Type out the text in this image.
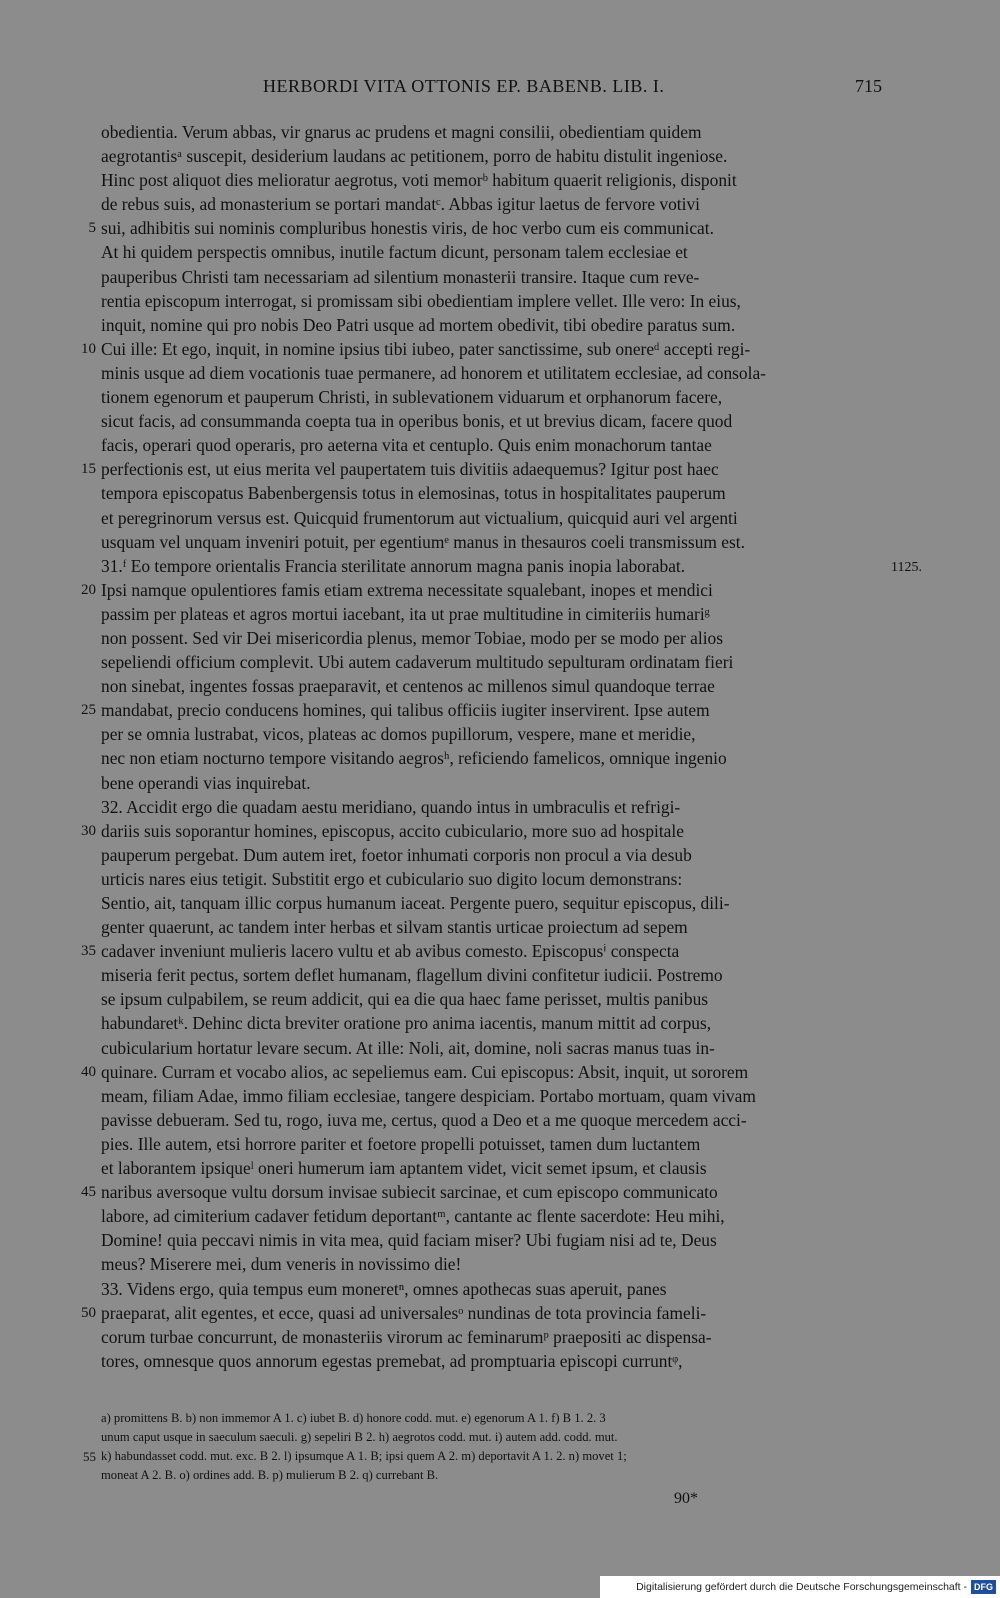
HERBORDI VITA OTTONIS EP. BABENB. LIB. I.	715
obedientia. Verum abbas, vir gnarus ac prudens et magni consilii, obedientiam quidem
aegrotantisᵃ suscepit, desiderium laudans ac petitionem, porro de habitu distulit ingeniose.
Hinc post aliquot dies melioratur aegrotus, voti memorᵇ habitum quaerit religionis, disponit
de rebus suis, ad monasterium se portari mandatᶜ. Abbas igitur laetus de fervore votivi
5 sui, adhibitis sui nominis compluribus honestis viris, de hoc verbo cum eis communicat.
At hi quidem perspectis omnibus, inutile factum dicunt, personam talem ecclesiae et
pauperibus Christi tam necessariam ad silentium monasterii transire. Itaque cum reve-
rentia episcopum interrogat, si promissam sibi obedientiam implere vellet. Ille vero: In eius,
inquit, nomine qui pro nobis Deo Patri usque ad mortem obedivit, tibi obedire paratus sum.
10 Cui ille: Et ego, inquit, in nomine ipsius tibi iubeo, pater sanctissime, sub onereᵈ accepti regi-
minis usque ad diem vocationis tuae permanere, ad honorem et utilitatem ecclesiae, ad consola-
tionem egenorum et pauperum Christi, in sublevationem viduarum et orphanorum facere,
sicut facis, ad consummanda coepta tua in operibus bonis, et ut brevius dicam, facere quod
facis, operari quod operaris, pro aeterna vita et centuplo. Quis enim monachorum tantae
15 perfectionis est, ut eius merita vel paupertatem tuis divitiis adaequemus? Igitur post haec
tempora episcopatus Babenbergensis totus in elemosinas, totus in hospitalitates pauperum
et peregrinorum versus est. Quicquid frumentorum aut victualium, quicquid auri vel argenti
usquam vel unquam inveniri potuit, per egentiumᵉ manus in thesauros coeli transmissum est.
31.ᶠ Eo tempore orientalis Francia sterilitate annorum magna panis inopia laborabat.	1125.
20 Ipsi namque opulentiores famis etiam extrema necessitate squalebant, inopes et mendici
passim per plateas et agros mortui iacebant, ita ut prae multitudine in cimiteriis humariᵍ
non possent. Sed vir Dei misericordia plenus, memor Tobiae, modo per se modo per alios
sepeliendi officium complevit. Ubi autem cadaverum multitudo sepulturam ordinatam fieri
non sinebat, ingentes fossas praeparavit, et centenos ac millenos simul quandoque terrae
25 mandabat, precio conducens homines, qui talibus officiis iugiter inservirent. Ipse autem
per se omnia lustrabat, vicos, plateas ac domos pupillorum, vespere, mane et meridie,
nec non etiam nocturno tempore visitando aegrosʰ, reficiendo famelicos, omnique ingenio
bene operandi vias inquirebat.
32. Accidit ergo die quadam aestu meridiano, quando intus in umbraculis et refrigi-
30 dariis suis soporantur homines, episcopus, accito cubiculario, more suo ad hospitale
pauperum pergebat. Dum autem iret, foetor inhumati corporis non procul a via desub
urticis nares eius tetigit. Substitit ergo et cubiculario suo digito locum demonstrans:
Sentio, ait, tanquam illic corpus humanum iaceat. Pergente puero, sequitur episcopus, dili-
genter quaerunt, ac tandem inter herbas et silvam stantis urticae proiectum ad sepem
35 cadaver inveniunt mulieris lacero vultu et ab avibus comesto. Episcopusⁱ conspecta
miseria ferit pectus, sortem deflet humanam, flagellum divini confitetur iudicii. Postremo
se ipsum culpabilem, se reum addicit, qui ea die qua haec fame perisset, multis panibus
habundaretᵏ. Dehinc dicta breviter oratione pro anima iacentis, manum mittit ad corpus,
cubicularium hortatur levare secum. At ille: Noli, ait, domine, noli sacras manus tuas in-
40 quinare. Curram et vocabo alios, ac sepeliemus eam. Cui episcopus: Absit, inquit, ut sororem
meam, filiam Adae, immo filiam ecclesiae, tangere despiciam. Portabo mortuam, quam vivam
pavisse debueram. Sed tu, rogo, iuva me, certus, quod a Deo et a me quoque mercedem acci-
pies. Ille autem, etsi horrore pariter et foetore propelli potuisset, tamen dum luctantem
et laborantem ipsiqueˡ oneri humerum iam aptantem videt, vicit semet ipsum, et clausis
45 naribus aversoque vultu dorsum invisae subiecit sarcinae, et cum episcopo communicato
labore, ad cimiterium cadaver fetidum deportantᵐ, cantante ac flente sacerdote: Heu mihi,
Domine! quia peccavi nimis in vita mea, quid faciam miser? Ubi fugiam nisi ad te, Deus
meus? Miserere mei, dum veneris in novissimo die!
33. Videns ergo, quia tempus eum moneretⁿ, omnes apothecas suas aperuit, panes
50 praeparat, alit egentes, et ecce, quasi ad universalesᵒ nundinas de tota provincia fameli-
corum turbae concurrunt, de monasteriis virorum ac feminarumᵖ praepositi ac dispensa-
tores, omnesque quos annorum egestas premebat, ad promptuaria episcopi curruntᵠ,
a) promittens B. b) non immemor A 1. c) iubet B. d) honore codd. mut. e) egenorum A 1. f) B 1. 2. 3
unum caput usque in saeculum saeculi. g) sepeliri B 2. h) aegrotos codd. mut. i) autem add. codd. mut.
55 k) habundasset codd. mut. exc. B 2. l) ipsumque A 1. B; ipsi quem A 2. m) deportavit A 1. 2. n) movet 1;
moneat A 2. B. o) ordines add. B. p) mulierum B 2. q) currebant B.
90*
Digitalisierung gefördert durch die Deutsche Forschungsgemeinschaft - DFG
